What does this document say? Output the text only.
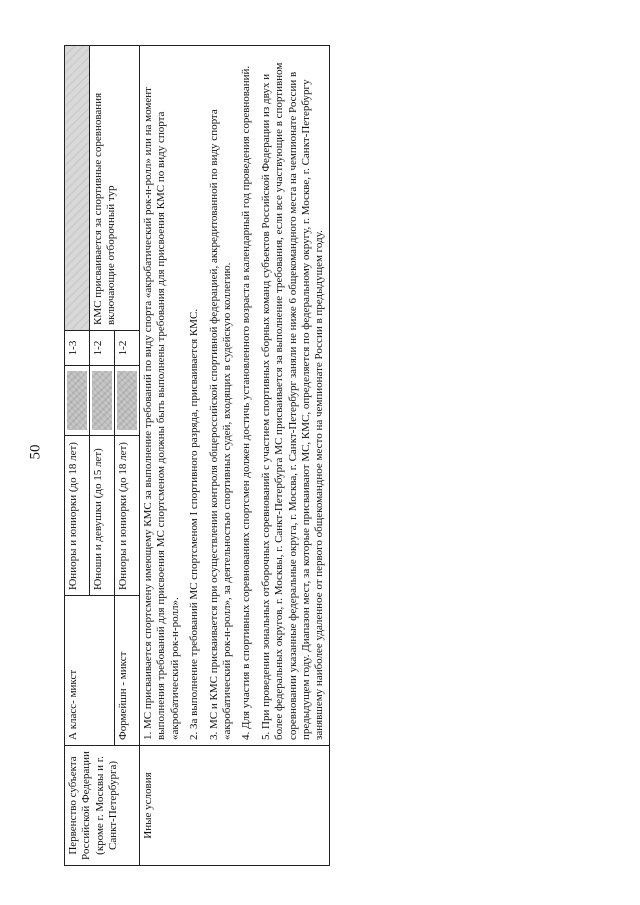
50
Первенство субъекта Российской Федерации (кроме г. Москвы и г. Санкт-Петербурга)	А класс- микст	Юниоры и юниорки (до 18 лет)		1-3	
		Юноши и девушки (до 15 лет)		1-2	КМС присваивается за спортивные соревнования включающие отборочный тур
	Формейшн - микст	Юниоры и юниорки (до 18 лет)		1-2	
Иные условия	1. МС присваивается спортсмену имеющему КМС за выполнение требований по виду спорта «акробатический рок-н-ролл» или на момент выполнения требований для присвоения МС спортсменом должны быть выполнены требования для присвоения КМС по виду спорта «акробатический рок-н-ролл». 2. За выполнение требований МС спортсменом I спортивного разряда, присваивается КМС. 3. МС и КМС присваивается при осуществлении контроля общероссийской спортивной федерацией, аккредитованной по виду спорта «акробатический рок-н-ролл», за деятельностью спортивных судей, входящих в судейскую коллегию. 4. Для участия в спортивных соревнованиях спортсмен должен достичь установленного возраста в календарный год проведения соревнований. 5. При проведении зональных отборочных соревнований с участием спортивных сборных команд субъектов Российской Федерации из двух и более федеральных округов, г. Москвы, г. Санкт-Петербурга МС присваивается за выполнение требования, если все участвующие в спортивном соревновании указанные федеральные округа, г. Москва, г. Санкт-Петербург заняли не ниже 6 общекомандного места на чемпионате России в предыдущем году. Диапазон мест, за которые присваивают МС, КМС, определяется по федеральному округу, г. Москве, г. Санкт-Петербургу занявшему наиболее удаленное от первого общекомандное место на чемпионате России в предыдущем году.				
